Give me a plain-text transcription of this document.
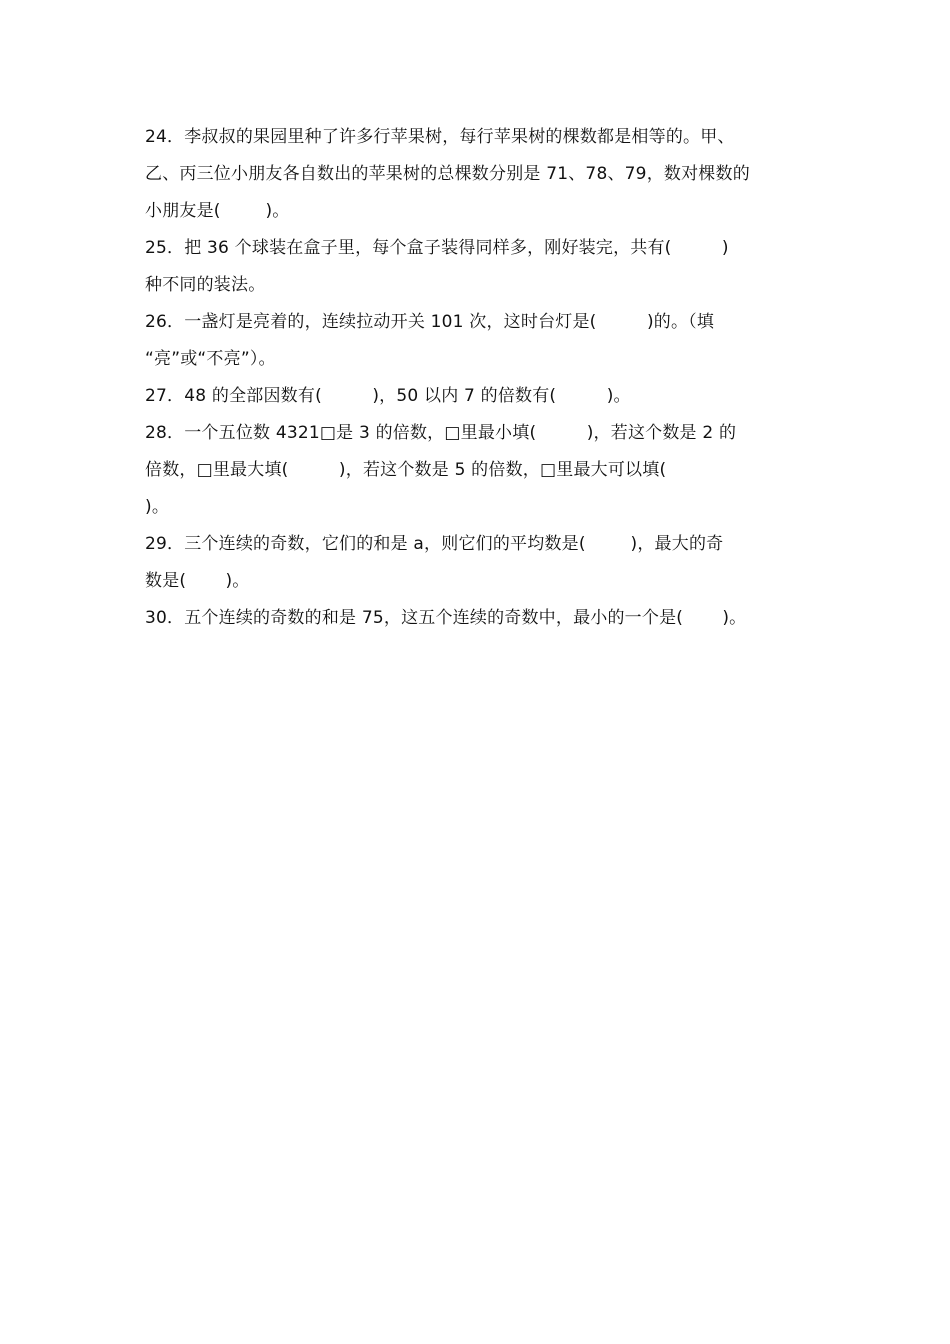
24．李叔叔的果园里种了许多行苹果树，每行苹果树的棵数都是相等的。甲、
乙、丙三位小朋友各自数出的苹果树的总棵数分别是 71、78、79，数对棵数的
小朋友是(        )。
25．把 36 个球装在盒子里，每个盒子装得同样多，刚好装完，共有(         )
种不同的装法。
26．一盏灯是亮着的，连续拉动开关 101 次，这时台灯是(         )的。（填
“亮”或“不亮”）。
27．48 的全部因数有(         )，50 以内 7 的倍数有(         )。
28．一个五位数 4321□是 3 的倍数，□里最小填(         )，若这个数是 2 的
倍数，□里最大填(         )，若这个数是 5 的倍数，□里最大可以填(
)。
29．三个连续的奇数，它们的和是 a，则它们的平均数是(        )，最大的奇
数是(       )。
30．五个连续的奇数的和是 75，这五个连续的奇数中，最小的一个是(       )。
